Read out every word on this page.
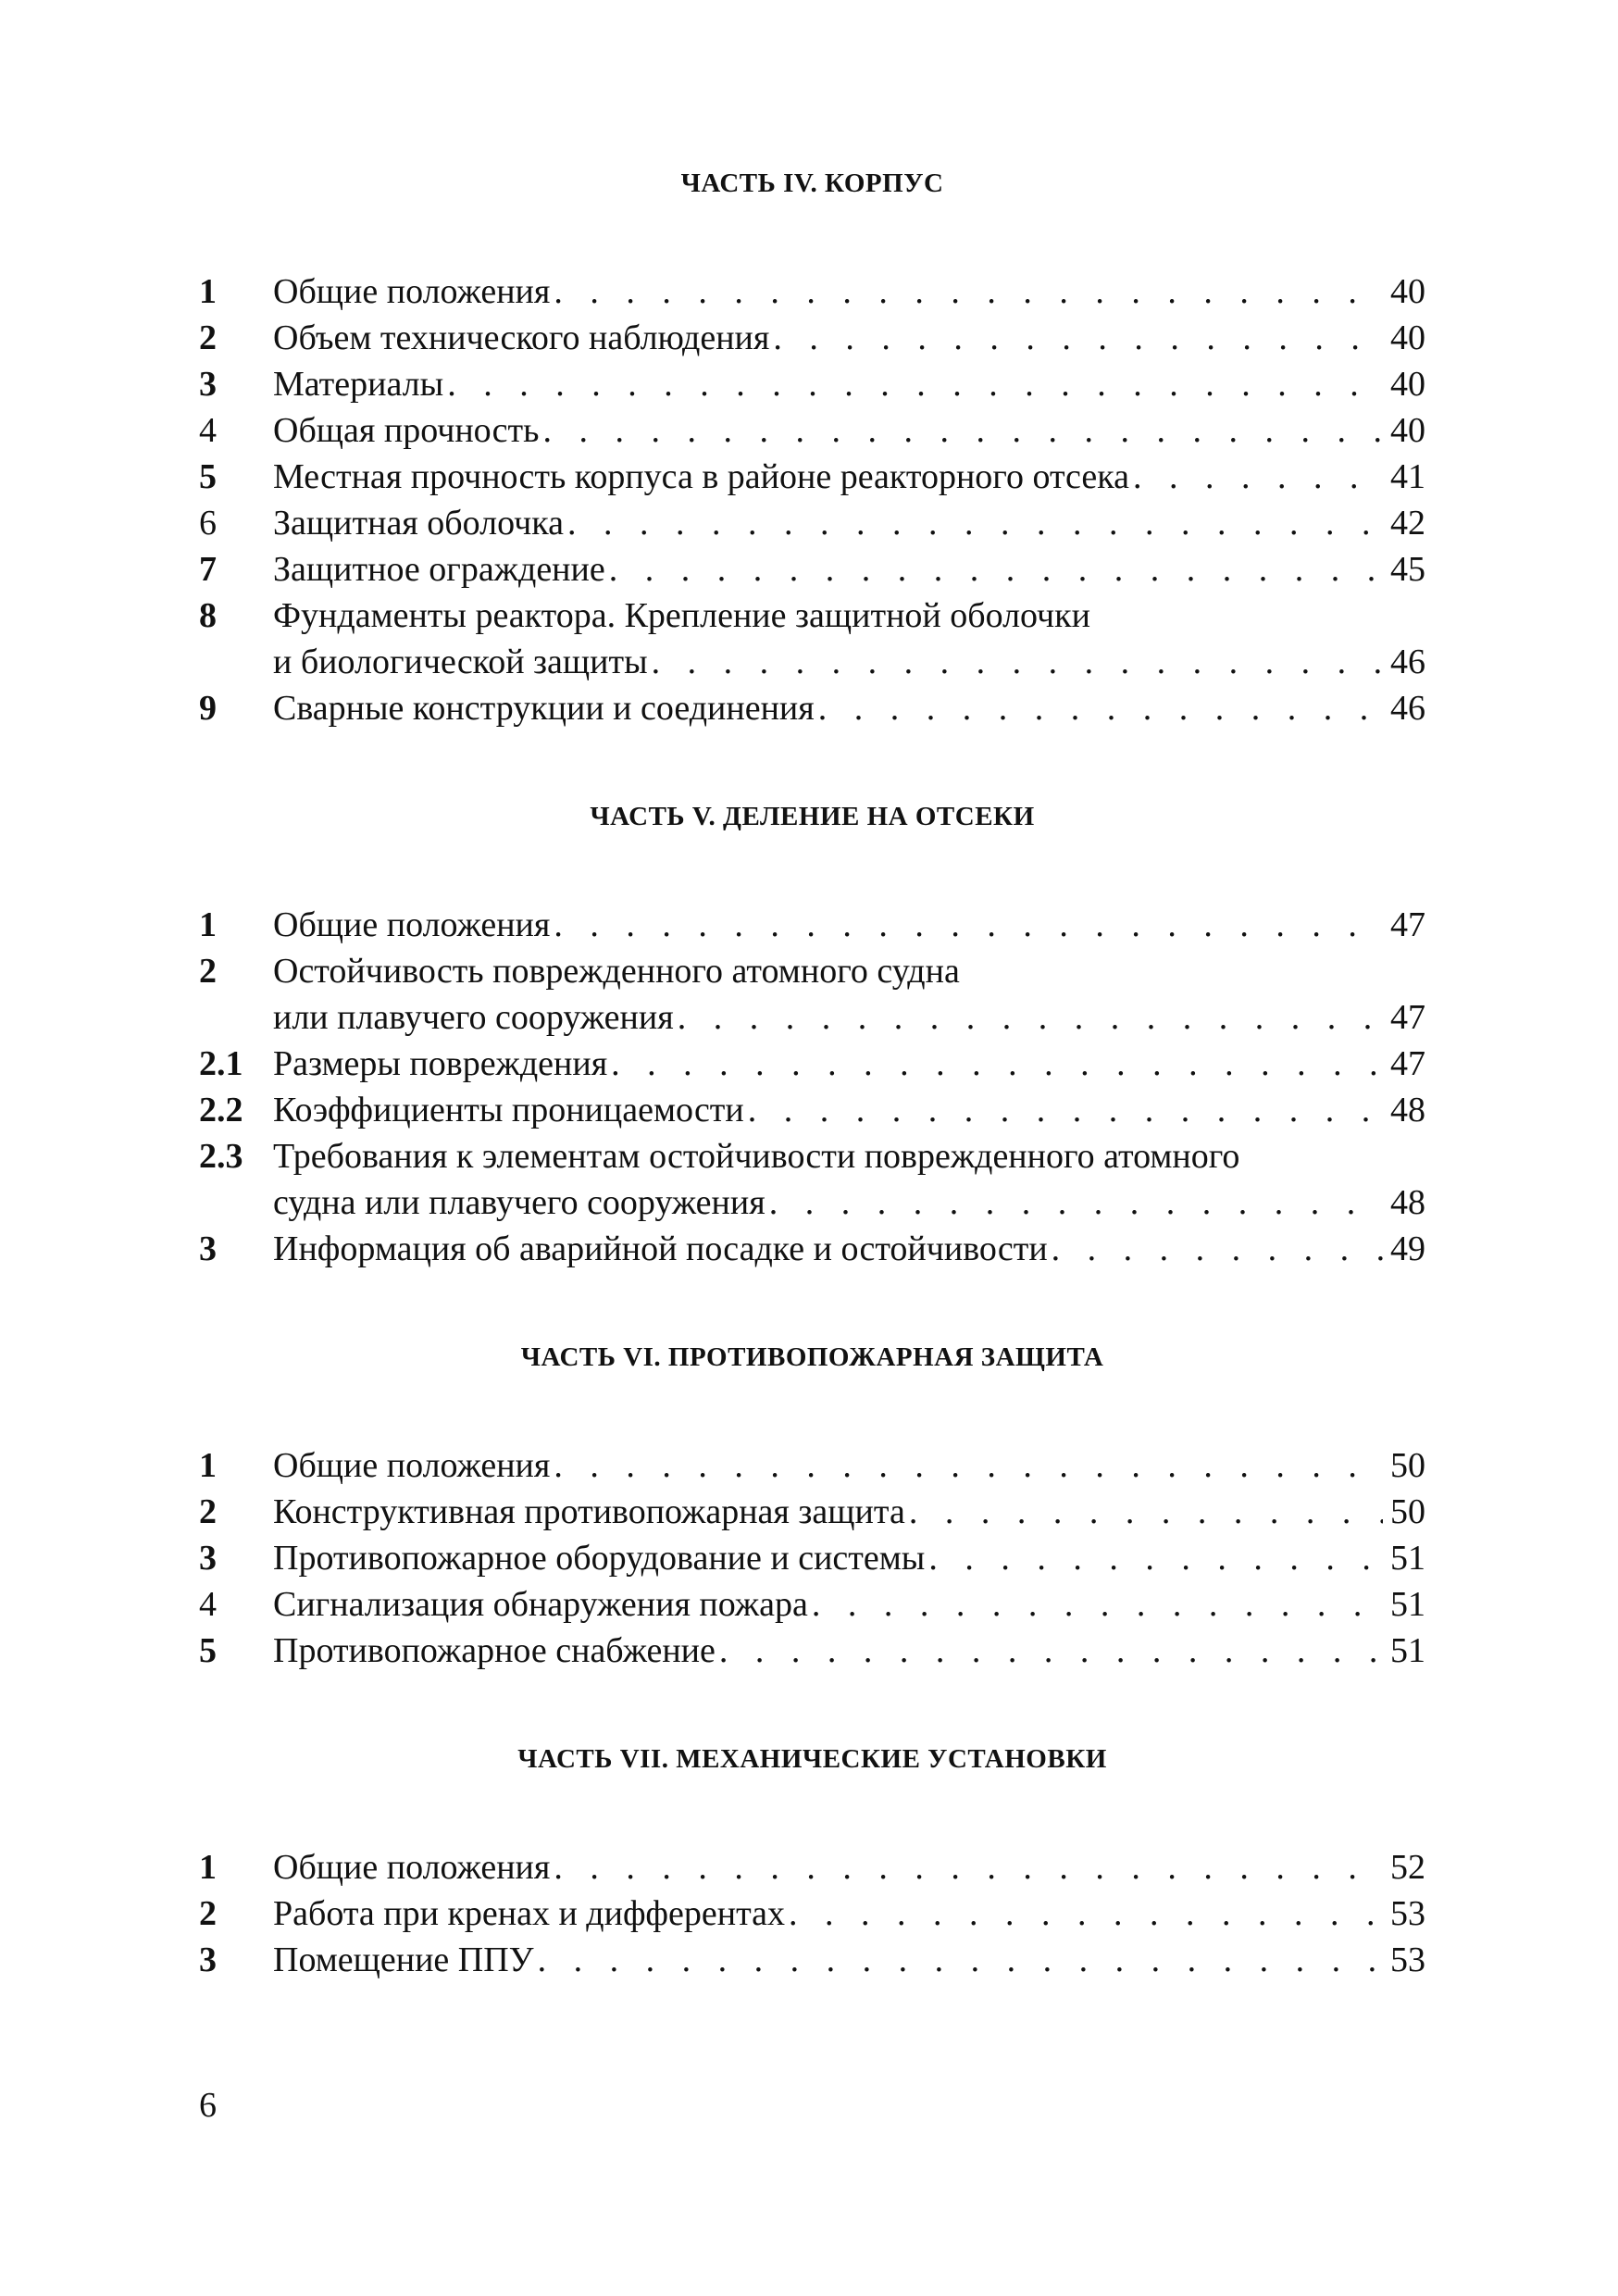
ЧАСТЬ IV. КОРПУС
1	Общие положения . . .	40
2	Объем технического наблюдения . . .	40
3	Материалы . . .	40
4	Общая прочность . . .	40
5	Местная прочность корпуса в районе реакторного отсека . . .	41
6	Защитная оболочка . . .	42
7	Защитное ограждение . . .	45
8	Фундаменты реактора. Крепление защитной оболочки
и биологической защиты . . .	46
9	Сварные конструкции и соединения . . .	46
ЧАСТЬ V. ДЕЛЕНИЕ НА ОТСЕКИ
1	Общие положения . . .	47
2	Остойчивость поврежденного атомного судна
или плавучего сооружения . . .	47
2.1 Размеры повреждения . . .	47
2.2 Коэффициенты проницаемости . . .	48
2.3 Требования к элементам остойчивости поврежденного атомного
судна или плавучего сооружения . . .	48
3	Информация об аварийной посадке и остойчивости . . .	49
ЧАСТЬ VI. ПРОТИВОПОЖАРНАЯ ЗАЩИТА
1	Общие положения . . .	50
2	Конструктивная противопожарная защита . . .	50
3	Противопожарное оборудование и системы . . .	51
4	Сигнализация обнаружения пожара . . .	51
5	Противопожарное снабжение . . .	51
ЧАСТЬ VII. МЕХАНИЧЕСКИЕ УСТАНОВКИ
1	Общие положения . . .	52
2	Работа при кренах и дифферентах . . .	53
3	Помещение ППУ . . .	53
6
